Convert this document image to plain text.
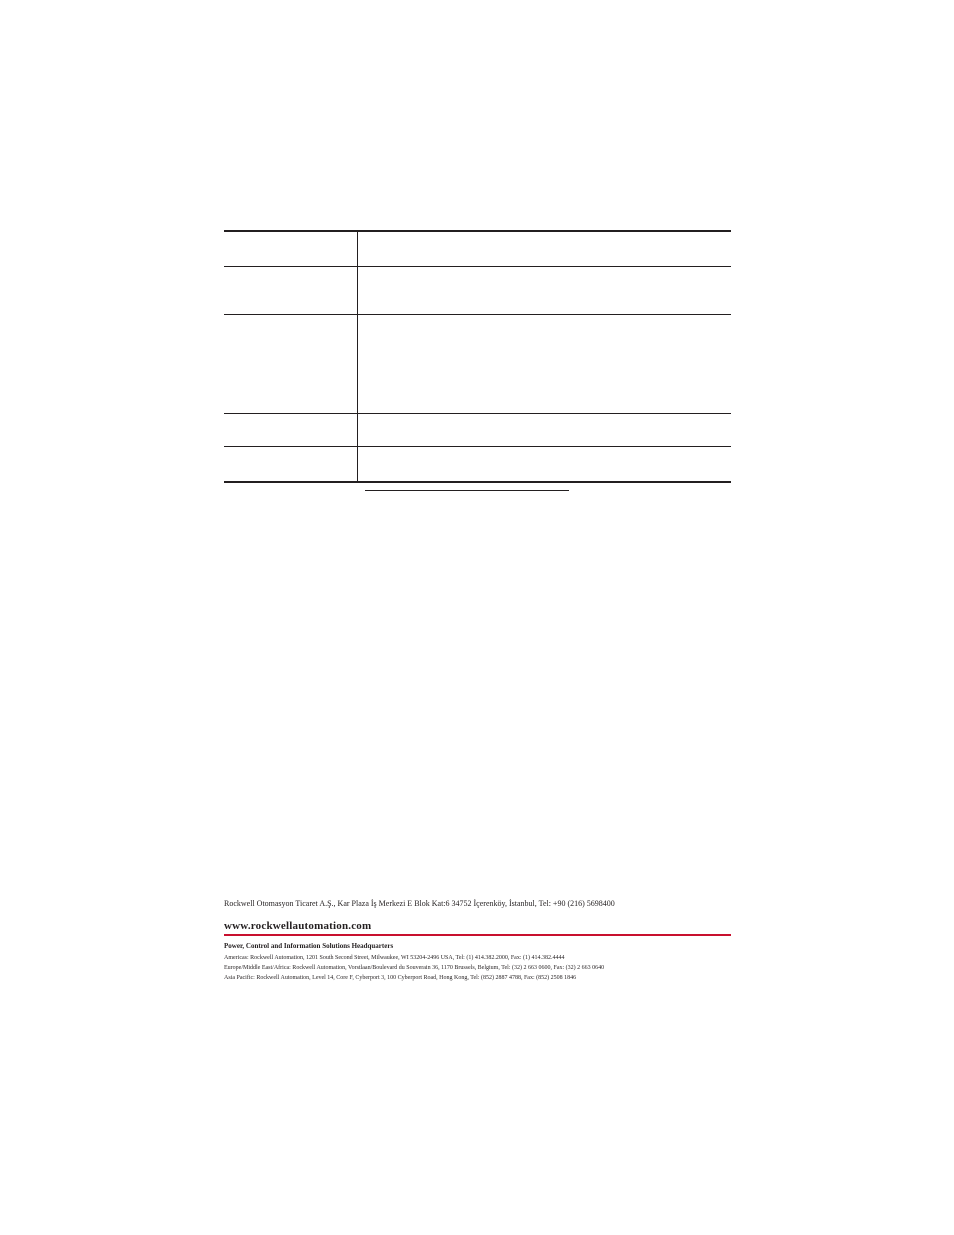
Rockwell Otomasyon Ticaret A.Ş., Kar Plaza İş Merkezi E Blok Kat:6 34752 İçerenköy, İstanbul, Tel: +90 (216) 5698400
www.rockwellautomation.com
Power, Control and Information Solutions Headquarters
Americas: Rockwell Automation, 1201 South Second Street, Milwaukee, WI 53204-2496 USA, Tel: (1) 414.382.2000, Fax: (1) 414.382.4444
Europe/Middle East/Africa: Rockwell Automation, Vorstlaan/Boulevard du Souverain 36, 1170 Brussels, Belgium, Tel: (32) 2 663 0600, Fax: (32) 2 663 0640
Asia Pacific: Rockwell Automation, Level 14, Core F, Cyberport 3, 100 Cyberport Road, Hong Kong, Tel: (852) 2887 4788, Fax: (852) 2508 1846
